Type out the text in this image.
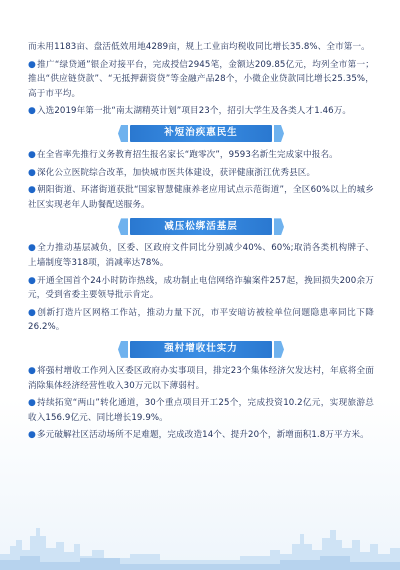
而未用1183亩、盘活低效用地4289亩，规上工业亩均税收同比增长35.8%、全市第一。

●推广“绿贷通”银企对接平台，完成授信2945笔，金额达209.85亿元，均列全市第一；推出“供应链贷款”、“无抵押薪资贷”等金融产品28个，小微企业贷款同比增长25.35%，高于市平均。

●入选2019年第一批“南太湖精英计划”项目23个，招引大学生及各类人才1.46万。

补短治疾惠民生

●在全省率先推行义务教育招生报名家长“跑零次”，9593名新生完成家中报名。

●深化公立医院综合改革，加快城市医共体建设，获评健康浙江优秀县区。

●朝阳街道、环渚街道获批“国家智慧健康养老应用试点示范街道”，全区60%以上的城乡社区实现老年人助餐配送服务。

减压松绑活基层

●全力推动基层减负，区委、区政府文件同比分别减少40%、60%;取消各类机构牌子、上墙制度等318项，消减率达78%。

●开通全国首个24小时防诈热线，成功制止电信网络诈骗案件257起，挽回损失200余万元，受到省委主要领导批示肯定。

●创新打造片区网格工作站，推动力量下沉，市平安暗访被检单位问题隐患率同比下降26.2%。

强村增收壮实力

●将强村增收工作列入区委区政府办实事项目，排定23个集体经济欠发达村，年底将全面消除集体经济经营性收入30万元以下薄弱村。

●持续拓宽“两山”转化通道，30个重点项目开工25个，完成投资10.2亿元，实现旅游总收入156.9亿元、同比增长19.9%。

●多元破解社区活动场所不足难题，完成改造14个、提升20个，新增面积1.8万平方米。
